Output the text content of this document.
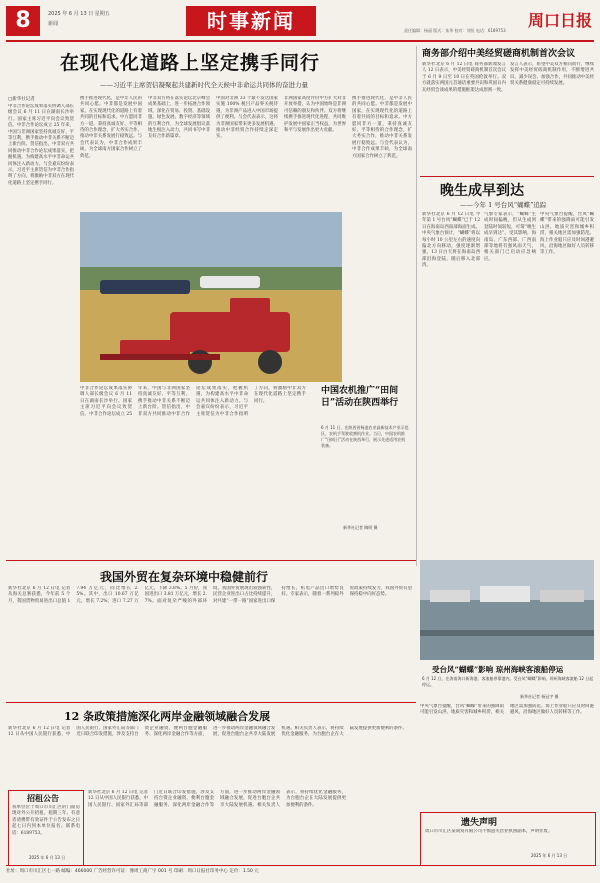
8	2025 年 6 月 13 日 星期五
新闻	时事新闻	周口日报
责任编辑：杨丽 版式：朱华 校对：刘恒 电话：6189753
在现代化道路上坚定携手同行
——习近平主席贺信凝聚起共建新时代全天候中非命运共同体的奋进力量
□新华社记者
中非合作论坛成果落实协调人部长级会议 6 月 11 日在湖南长沙举行。国家主席习近平向会议致贺信。中非合作论坛成立 25 年来，中国与非洲国家坚持真诚友好、平等互利，携手推动中非关系不断迈上新台阶。贺信指出，中非双方共同推动中非合作论坛成果落实，把握机遇，为构建高水平中非命运共同体注入新动力。与会嘉宾纷纷表示，习近平主席贺信为中非合作指明了方向，将激励中非双方在现代化道路上坚定携手同行。
携手推进现代化，是中非人民的共同心愿。中非都是发展中国家，在实现现代化的道路上有着共同的目标和追求。中方愿同非方一道，秉持真诚友好、平等相待的合作理念，扩大务实合作，推动中非关系发展行稳致远。与会代表认为，中非合作成果丰硕，为全球南方国家合作树立了典范。
中非双方将在落实论坛北京峰会成果基础上，进一步拓展合作领域，深化在贸易、投资、基础设施、绿色发展、数字经济等领域的互利合作，为全球发展倡议落地生根注入动力，共同书写中非友好合作新篇章。
中国对非洲 33 个最不发达国家实施 100% 税目产品零关税待遇，为非洲产品进入中国市场提供了便利。与会代表表示，这将为非洲国家带来更多发展机遇，推动中非经贸合作持续走深走实。
非洲国家高度评价中方扩大对非开放举措，认为中国始终是非洲可信赖的朋友和伙伴。双方将继续携手推进现代化进程，共同维护发展中国家正当权益，为世界和平与发展作出更大贡献。
携手推进现代化，是中非人民的共同心愿。中非都是发展中国家，在实现现代化的道路上有着共同的目标和追求。中方愿同非方一道，秉持真诚友好、平等相待的合作理念，扩大务实合作，推动中非关系发展行稳致远。与会代表认为，中非合作成果丰硕，为全球南方国家合作树立了典范。
中国农机推广“田间日”活动在陕西举行
6 月 11 日，在陕西省杨凌农业高新技术产业示范区，农机手驾驶收割机作业。当日，中国农机推广“田间日”活动在陕西举行，展示先进适用农机装备。
新华社记者 陶明 摄
中非合作论坛成果落实协调人部长级会议 6 月 11 日在湖南长沙举行。国家主席习近平向会议致贺信。中非合作论坛成立 25 年来，中国与非洲国家坚持真诚友好、平等互利，携手推动中非关系不断迈上新台阶。贺信指出，中非双方共同推动中非合作论坛成果落实，把握机遇，为构建高水平中非命运共同体注入新动力。与会嘉宾纷纷表示，习近平主席贺信为中非合作指明了方向，将激励中非双方在现代化道路上坚定携手同行。
商务部介绍中美经贸磋商机制首次会议
新华社北京 6 月 12 日电 商务部新闻发言人 12 日表示，中美经贸磋商机制首次会议于 6 月 9 日至 10 日在英国伦敦举行。双方就落实两国元首通话重要共识和巩固日内瓦经贸会谈成果的措施框架达成原则一致。
发言人表示，希望中美双方相向而行，继续发挥中美经贸磋商机制作用，不断增进共识、减少误会、加强合作，共同推动中美经贸关系健康稳定可持续发展。
晚生成早到达
——今年 1 号台风“蝴蝶”追踪
新华社北京 6 月 12 日电 今年第 1 号台风“蝴蝶”已于 12 日在海南岛西南部海面生成。中央气象台预计，“蝴蝶”将以每小时 10 公里左右的速度向偏北方向移动，强度逐渐增强，13 日白天将在海南岛西部沿海登陆，随后移入北部湾。
气象专家表示，“蝴蝶”生成时间偏晚，但从生成到登陆时间较短，可谓“晚生成早到达”。受其影响，海南岛、广东西部、广西南部等地将有强风雨天气，相关部门已启动应急响应。
中央气象台提醒，台风“蝴蝶”带来的强降雨可能引发山洪、地质灾害和城乡积涝，相关地区需加强防范。海上作业船只应及时回港避风，沿海地区做好人员转移等工作。
受台风“蝴蝶”影响 琼州海峡客滚船停运
6 月 12 日，在海南海口新海港，客滚船停靠港内。受台风“蝴蝶”影响，琼州海峡客滚船 12 日起停运。
新华社记者 杨冠宇 摄
我国外贸在复杂环境中稳健前行
新华社北京 6 月 12 日电 记者从海关总署获悉，今年前 5 个月，我国货物贸易进出口总值 17.94 万亿元，同比增长 2.5%。其中，出口 10.67 万亿元，增长 7.2%；进口 7.27 万亿元，下降 3.8%。5 月份，我国进出口 3.81 万亿元，增长 2.7%。面对复杂严峻的外部环境，我国外贸展现出较强韧性，民营企业进出口占比持续提升，对共建“一带一路”国家进出口保持增长，机电产品出口增势良好。专家表示，随着一系列稳外贸政策持续发力，我国外贸有望保持稳中向好态势。
12 条政策措施深化两岸金融领域融合发展
新华社北京 6 月 12 日电 记者 12 日从中国人民银行获悉，中国人民银行、国家外汇局等部门近日联合印发措施，涉及支持台资企业融资、便利台胞金融服务、深化两岸金融合作等方面，进一步推动两岸金融领域融合发展，促进台胞台企共享大陆发展机遇。相关负责人表示，将持续优化金融服务，为台胞台企在大陆发展提供更加便利的条件。
招租公告
我单位位于周口市川汇区的门面房现对外公开招租，租期三年。有意者请携带有效证件于公告发布之日起七日内到本单位报名。联系电话：6189753。
2025 年 6 月 13 日
新华社北京 6 月 12 日电 记者 12 日从中国人民银行获悉，中国人民银行、国家外汇局等部门近日联合印发措施，涉及支持台资企业融资、便利台胞金融服务、深化两岸金融合作等方面，进一步推动两岸金融领域融合发展，促进台胞台企共享大陆发展机遇。相关负责人表示，将持续优化金融服务，为台胞台企在大陆发展提供更加便利的条件。
遗失声明
周口市川汇区某商贸有限公司不慎遗失营业执照副本，声明作废。
2025 年 6 月 13 日
中央气象台提醒，台风“蝴蝶”带来的强降雨可能引发山洪、地质灾害和城乡积涝，相关地区需加强防范。海上作业船只应及时回港避风，沿海地区做好人员转移等工作。
社址：周口市川汇区七一路 邮编：466000 广告经营许可证：豫周工商广字 001 号 印刷：周口日报社印务中心 定价：1.50 元
